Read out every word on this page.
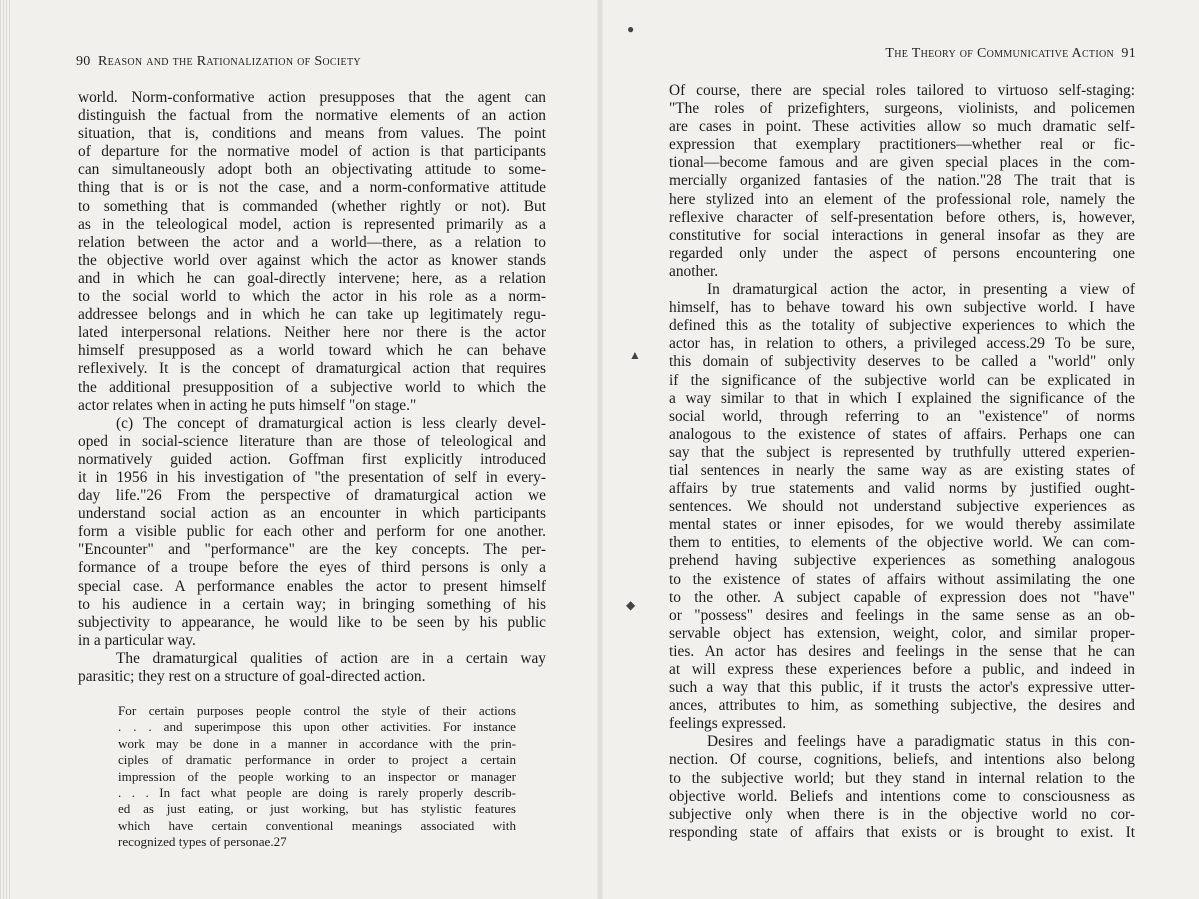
90 Reason and the Rationalization of Society
world. Norm-conformative action presupposes that the agent can
distinguish the factual from the normative elements of an action
situation, that is, conditions and means from values. The point
of departure for the normative model of action is that participants
can simultaneously adopt both an objectivating attitude to some-
thing that is or is not the case, and a norm-conformative attitude
to something that is commanded (whether rightly or not). But
as in the teleological model, action is represented primarily as a
relation between the actor and a world—there, as a relation to
the objective world over against which the actor as knower stands
and in which he can goal-directly intervene; here, as a relation
to the social world to which the actor in his role as a norm-
addressee belongs and in which he can take up legitimately regu-
lated interpersonal relations. Neither here nor there is the actor
himself presupposed as a world toward which he can behave
reflexively. It is the concept of dramaturgical action that requires
the additional presupposition of a subjective world to which the
actor relates when in acting he puts himself "on stage."
(c) The concept of dramaturgical action is less clearly devel-
oped in social-science literature than are those of teleological and
normatively guided action. Goffman first explicitly introduced
it in 1956 in his investigation of "the presentation of self in every-
day life."26 From the perspective of dramaturgical action we
understand social action as an encounter in which participants
form a visible public for each other and perform for one another.
"Encounter" and "performance" are the key concepts. The per-
formance of a troupe before the eyes of third persons is only a
special case. A performance enables the actor to present himself
to his audience in a certain way; in bringing something of his
subjectivity to appearance, he would like to be seen by his public
in a particular way.
The dramaturgical qualities of action are in a certain way
parasitic; they rest on a structure of goal-directed action.
For certain purposes people control the style of their actions
. . . and superimpose this upon other activities. For instance
work may be done in a manner in accordance with the prin-
ciples of dramatic performance in order to project a certain
impression of the people working to an inspector or manager
. . . In fact what people are doing is rarely properly describ-
ed as just eating, or just working, but has stylistic features
which have certain conventional meanings associated with
recognized types of personae.27
The Theory of Communicative Action 91
Of course, there are special roles tailored to virtuoso self-staging:
"The roles of prizefighters, surgeons, violinists, and policemen
are cases in point. These activities allow so much dramatic self-
expression that exemplary practitioners—whether real or fic-
tional—become famous and are given special places in the com-
mercially organized fantasies of the nation."28 The trait that is
here stylized into an element of the professional role, namely the
reflexive character of self-presentation before others, is, however,
constitutive for social interactions in general insofar as they are
regarded only under the aspect of persons encountering one
another.
In dramaturgical action the actor, in presenting a view of
himself, has to behave toward his own subjective world. I have
defined this as the totality of subjective experiences to which the
actor has, in relation to others, a privileged access.29 To be sure,
this domain of subjectivity deserves to be called a "world" only
if the significance of the subjective world can be explicated in
a way similar to that in which I explained the significance of the
social world, through referring to an "existence" of norms
analogous to the existence of states of affairs. Perhaps one can
say that the subject is represented by truthfully uttered experien-
tial sentences in nearly the same way as are existing states of
affairs by true statements and valid norms by justified ought-
sentences. We should not understand subjective experiences as
mental states or inner episodes, for we would thereby assimilate
them to entities, to elements of the objective world. We can com-
prehend having subjective experiences as something analogous
to the existence of states of affairs without assimilating the one
to the other. A subject capable of expression does not "have"
or "possess" desires and feelings in the same sense as an ob-
servable object has extension, weight, color, and similar proper-
ties. An actor has desires and feelings in the sense that he can
at will express these experiences before a public, and indeed in
such a way that this public, if it trusts the actor's expressive utter-
ances, attributes to him, as something subjective, the desires and
feelings expressed.
Desires and feelings have a paradigmatic status in this con-
nection. Of course, cognitions, beliefs, and intentions also belong
to the subjective world; but they stand in internal relation to the
objective world. Beliefs and intentions come to consciousness as
subjective only when there is in the objective world no cor-
responding state of affairs that exists or is brought to exist. It
●
▲
◆
